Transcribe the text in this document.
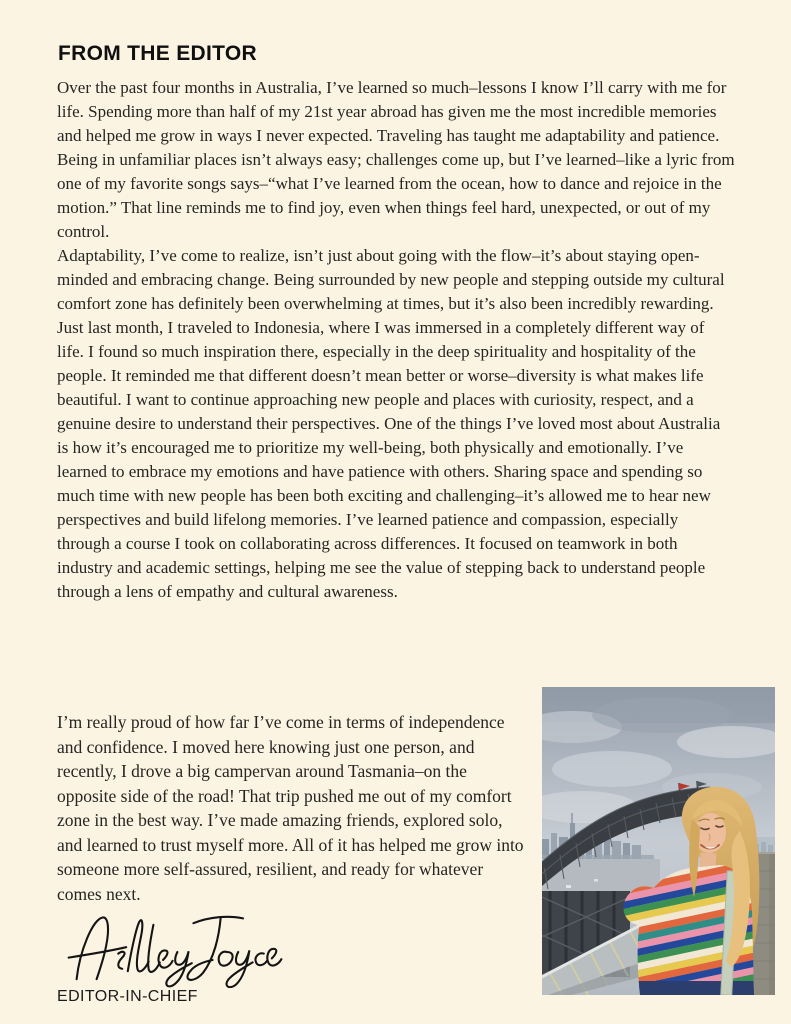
FROM THE EDITOR

Over the past four months in Australia, I’ve learned so much–lessons I know I’ll carry with me for life. Spending more than half of my 21st year abroad has given me the most incredible memories and helped me grow in ways I never expected. Traveling has taught me adaptability and patience. Being in unfamiliar places isn’t always easy; challenges come up, but I’ve learned–like a lyric from one of my favorite songs says–“what I’ve learned from the ocean, how to dance and rejoice in the motion.” That line reminds me to find joy, even when things feel hard, unexpected, or out of my control.

Adaptability, I’ve come to realize, isn’t just about going with the flow–it’s about staying open-minded and embracing change. Being surrounded by new people and stepping outside my cultural comfort zone has definitely been overwhelming at times, but it’s also been incredibly rewarding. Just last month, I traveled to Indonesia, where I was immersed in a completely different way of life. I found so much inspiration there, especially in the deep spirituality and hospitality of the people. It reminded me that different doesn’t mean better or worse–diversity is what makes life beautiful. I want to continue approaching new people and places with curiosity, respect, and a genuine desire to understand their perspectives. One of the things I’ve loved most about Australia is how it’s encouraged me to prioritize my well-being, both physically and emotionally. I’ve learned to embrace my emotions and have patience with others. Sharing space and spending so much time with new people has been both exciting and challenging–it’s allowed me to hear new perspectives and build lifelong memories. I’ve learned patience and compassion, especially through a course I took on collaborating across differences. It focused on teamwork in both industry and academic settings, helping me see the value of stepping back to understand people through a lens of empathy and cultural awareness.

I’m really proud of how far I’ve come in terms of independence and confidence. I moved here knowing just one person, and recently, I drove a big campervan around Tasmania–on the opposite side of the road! That trip pushed me out of my comfort zone in the best way. I’ve made amazing friends, explored solo, and learned to trust myself more. All of it has helped me grow into someone more self-assured, resilient, and ready for whatever comes next.

EDITOR-IN-CHIEF
